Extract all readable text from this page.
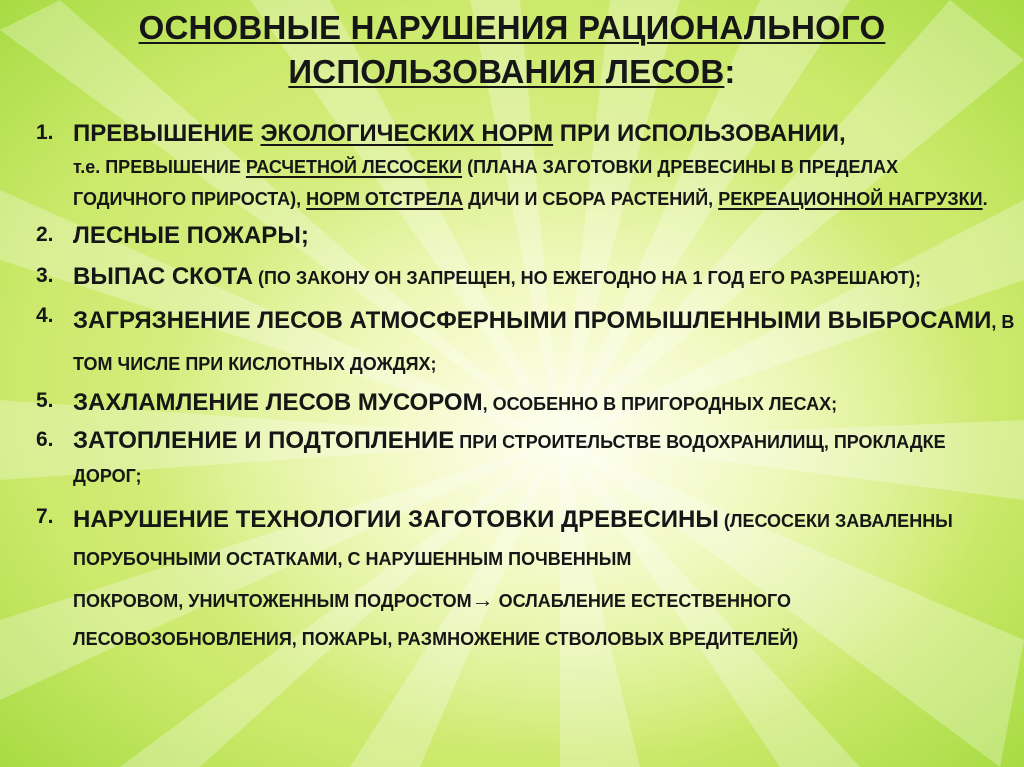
ОСНОВНЫЕ НАРУШЕНИЯ РАЦИОНАЛЬНОГО
ИСПОЛЬЗОВАНИЯ ЛЕСОВ:
1. ПРЕВЫШЕНИЕ ЭКОЛОГИЧЕСКИХ НОРМ ПРИ ИСПОЛЬЗОВАНИИ,
т.е. ПРЕВЫШЕНИЕ РАСЧЕТНОЙ ЛЕСОСЕКИ (ПЛАНА ЗАГОТОВКИ ДРЕВЕСИНЫ В ПРЕДЕЛАХ ГОДИЧНОГО ПРИРОСТА), НОРМ ОТСТРЕЛА ДИЧИ И СБОРА РАСТЕНИЙ, РЕКРЕАЦИОННОЙ НАГРУЗКИ.
2. ЛЕСНЫЕ ПОЖАРЫ;
3. ВЫПАС СКОТА (ПО ЗАКОНУ ОН ЗАПРЕЩЕН, НО ЕЖЕГОДНО НА 1 ГОД ЕГО РАЗРЕШАЮТ);
4. ЗАГРЯЗНЕНИЕ ЛЕСОВ АТМОСФЕРНЫМИ ПРОМЫШЛЕННЫМИ ВЫБРОСАМИ, В ТОМ ЧИСЛЕ ПРИ КИСЛОТНЫХ ДОЖДЯХ;
5. ЗАХЛАМЛЕНИЕ ЛЕСОВ МУСОРОМ, ОСОБЕННО В ПРИГОРОДНЫХ ЛЕСАХ;
6. ЗАТОПЛЕНИЕ И ПОДТОПЛЕНИЕ ПРИ СТРОИТЕЛЬСТВЕ ВОДОХРАНИЛИЩ, ПРОКЛАДКЕ ДОРОГ;
7. НАРУШЕНИЕ ТЕХНОЛОГИИ ЗАГОТОВКИ ДРЕВЕСИНЫ (ЛЕСОСЕКИ ЗАВАЛЕННЫ ПОРУБОЧНЫМИ ОСТАТКАМИ, С НАРУШЕННЫМ ПОЧВЕННЫМ
ПОКРОВОМ, УНИЧТОЖЕННЫМ ПОДРОСТОМ→ ОСЛАБЛЕНИЕ ЕСТЕСТВЕННОГО ЛЕСОВОЗОБНОВЛЕНИЯ, ПОЖАРЫ, РАЗМНОЖЕНИЕ СТВОЛОВЫХ ВРЕДИТЕЛЕЙ)
